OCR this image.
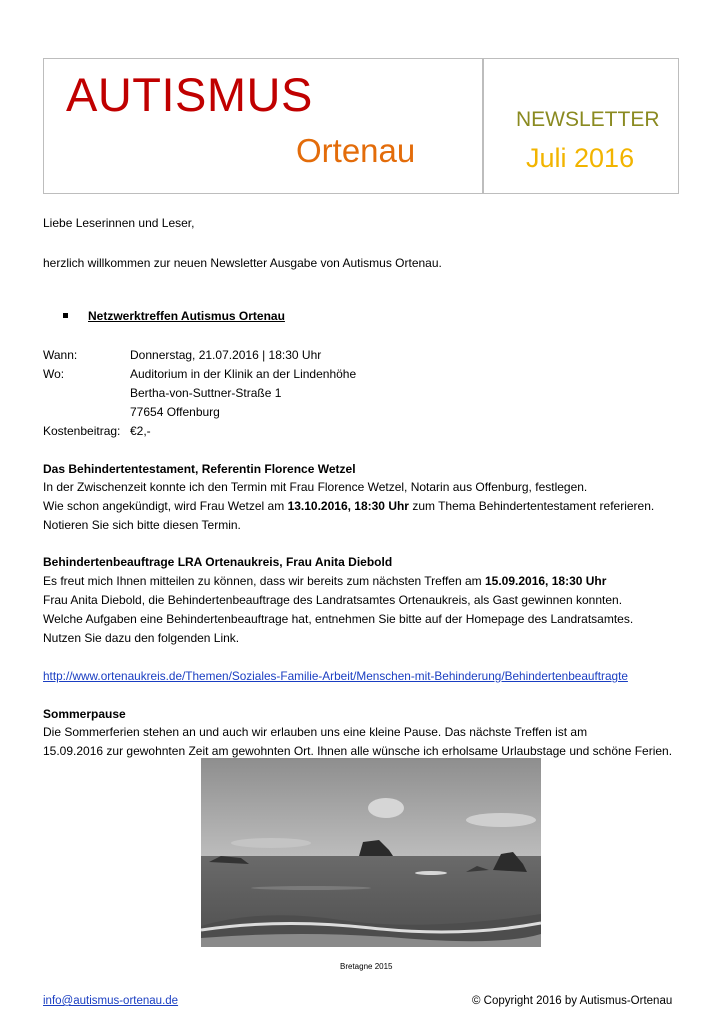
AUTISMUS
Ortenau
NEWSLETTER
Juli 2016
Liebe Leserinnen und Leser,
herzlich willkommen zur neuen Newsletter Ausgabe von Autismus Ortenau.
Netzwerktreffen Autismus Ortenau
Wann:	Donnerstag, 21.07.2016 | 18:30 Uhr
Wo:	Auditorium in der Klinik an der Lindenhöhe
Bertha-von-Suttner-Straße 1
77654 Offenburg
Kostenbeitrag: €2,-
Das Behindertentestament, Referentin Florence Wetzel
In der Zwischenzeit konnte ich den Termin mit Frau Florence Wetzel, Notarin aus Offenburg, festlegen.
Wie schon angekündigt, wird Frau Wetzel am 13.10.2016, 18:30 Uhr zum Thema Behindertentestament referieren.
Notieren Sie sich bitte diesen Termin.
Behindertenbeauftrage LRA Ortenaukreis, Frau Anita Diebold
Es freut mich Ihnen mitteilen zu können, dass wir bereits zum nächsten Treffen am 15.09.2016, 18:30 Uhr
Frau Anita Diebold, die Behindertenbeauftrage des Landratsamtes Ortenaukreis, als Gast gewinnen konnten.
Welche Aufgaben eine Behindertenbeauftrage hat, entnehmen Sie bitte auf der Homepage des Landratsamtes.
Nutzen Sie dazu den folgenden Link.
http://www.ortenaukreis.de/Themen/Soziales-Familie-Arbeit/Menschen-mit-Behinderung/Behindertenbeauftragte
Sommerpause
Die Sommerferien stehen an und auch wir erlauben uns eine kleine Pause. Das nächste Treffen ist am
15.09.2016 zur gewohnten Zeit am gewohnten Ort. Ihnen alle wünsche ich erholsame Urlaubstage und schöne Ferien.
Bretagne 2015
info@autismus-ortenau.de	© Copyright 2016 by Autismus-Ortenau
